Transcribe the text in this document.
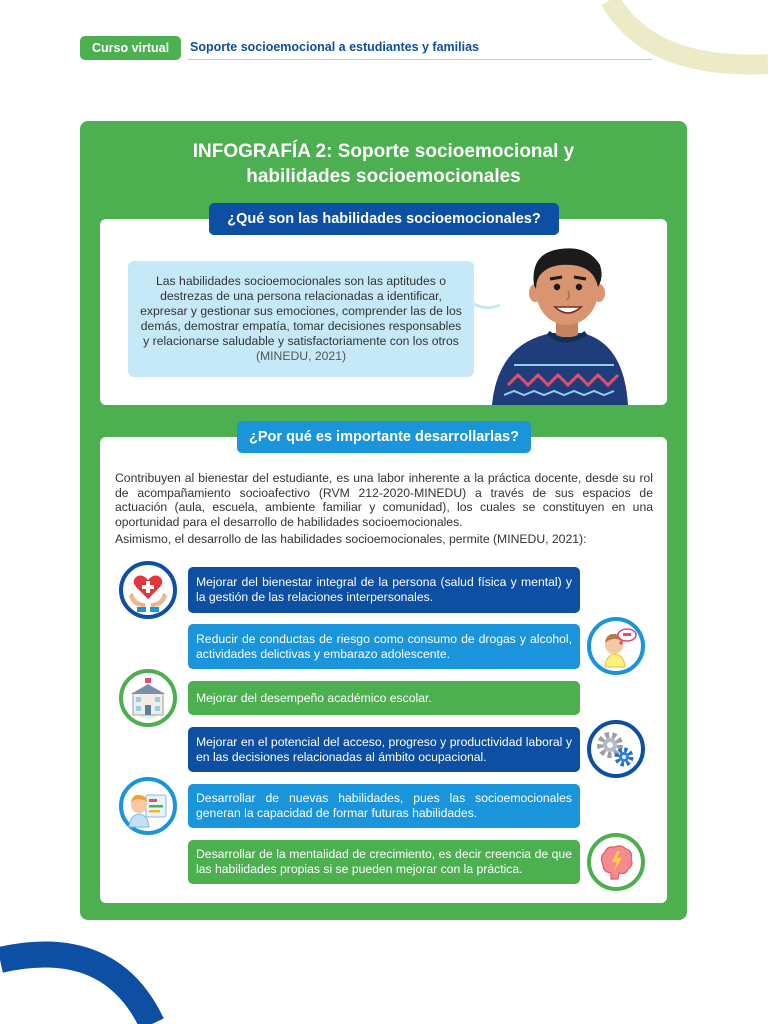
Curso virtual	Soporte socioemocional a estudiantes y familias
INFOGRAFÍA 2: Soporte socioemocional y
habilidades socioemocionales
Las habilidades socioemocionales son las aptitudes o destrezas de una persona relacionadas a identificar, expresar y gestionar sus emociones, comprender las de los demás, demostrar empatía, tomar decisiones responsables y relacionarse saludable y satisfactoriamente con los otros (MINEDU, 2021)
¿Qué son las habilidades socioemocionales?

Contribuyen al bienestar del estudiante, es una labor inherente a la práctica docente, desde su rol de acompañamiento socioafectivo (RVM 212-2020-MINEDU) a través de sus espacios de actuación (aula, escuela, ambiente familiar y comunidad), los cuales se constituyen en una oportunidad para el desarrollo de habilidades socioemocionales.

Asimismo, el desarrollo de las habilidades socioemocionales, permite (MINEDU, 2021):

Mejorar del bienestar integral de la persona (salud física y mental) y la gestión de las relaciones interpersonales.
Reducir de conductas de riesgo como consumo de drogas y alcohol, actividades delictivas y embarazo adolescente.
Mejorar del desempeño académico escolar.
Mejorar en el potencial del acceso, progreso y productividad laboral y en las decisiones relacionadas al ámbito ocupacional.
Desarrollar de nuevas habilidades, pues las socioemocionales generan la capacidad de formar futuras habilidades.
Desarrollar de la mentalidad de crecimiento, es decir creencia de que las habilidades propias si se pueden mejorar con la práctica.
¿Por qué es importante desarrollarlas?
